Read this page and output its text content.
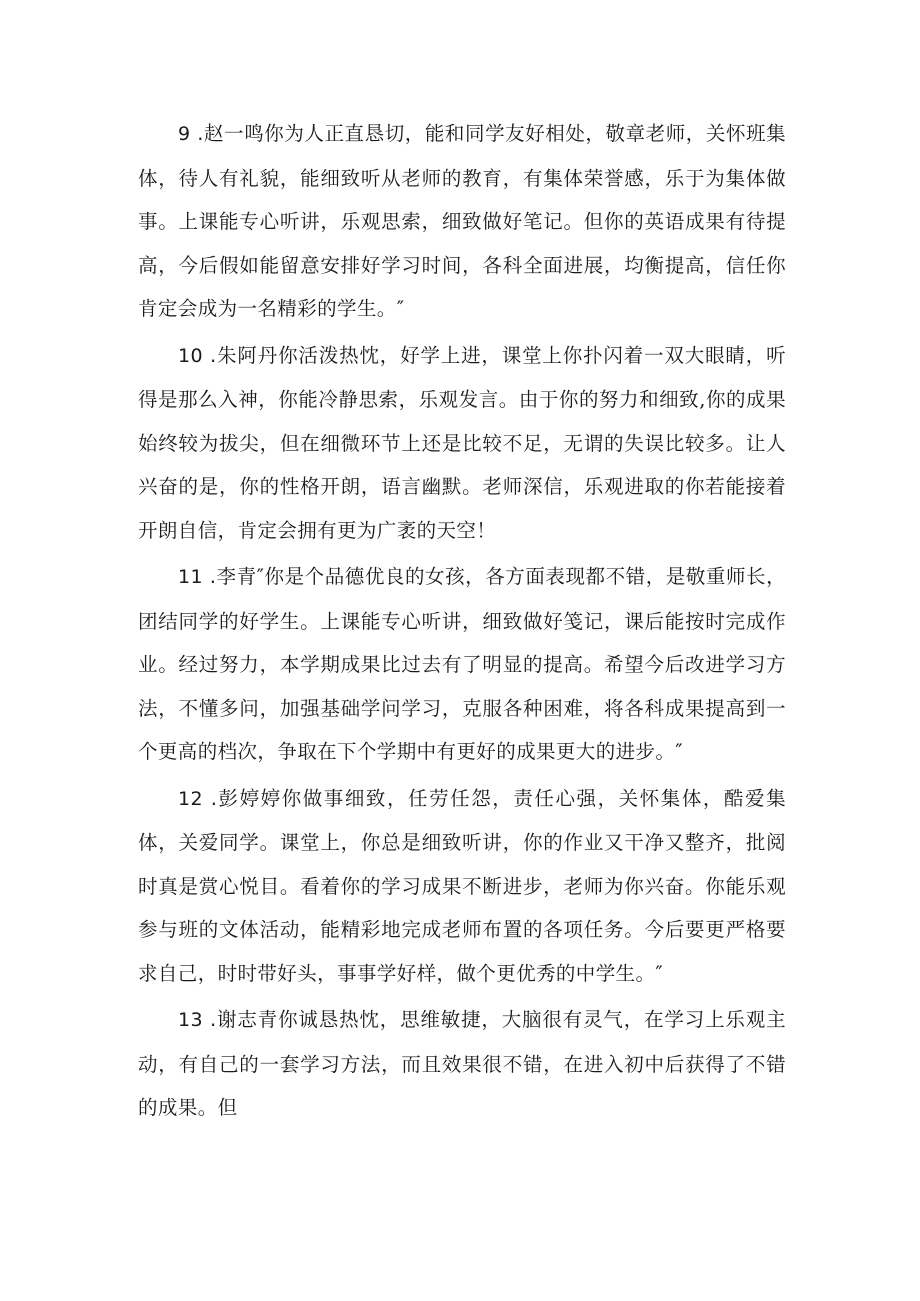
9 .赵一鸣你为人正直恳切，能和同学友好相处，敬章老师，关怀班集体，待人有礼貌，能细致听从老师的教育，有集体荣誉感，乐于为集体做事。上课能专心听讲，乐观思索，细致做好笔记。但你的英语成果有待提高，今后假如能留意安排好学习时间，各科全面进展，均衡提高，信任你肯定会成为一名精彩的学生。″

10 .朱阿丹你活泼热忱，好学上进，课堂上你扑闪着一双大眼睛，听得是那么入神，你能冷静思索，乐观发言。由于你的努力和细致,你的成果始终较为拔尖，但在细微环节上还是比较不足，无谓的失误比较多。让人兴奋的是，你的性格开朗，语言幽默。老师深信，乐观进取的你若能接着开朗自信，肯定会拥有更为广袤的天空！

11 .李青″你是个品德优良的女孩，各方面表现都不错，是敬重师长，团结同学的好学生。上课能专心听讲，细致做好笺记，课后能按时完成作业。经过努力，本学期成果比过去有了明显的提高。希望今后改进学习方法，不懂多问，加强基础学问学习，克服各种困难，将各科成果提高到一个更高的档次，争取在下个学期中有更好的成果更大的进步。″

12 .彭婷婷你做事细致，任劳任怨，责任心强，关怀集体，酷爱集体，关爱同学。课堂上，你总是细致听讲，你的作业又干净又整齐，批阅时真是赏心悦目。看着你的学习成果不断进步，老师为你兴奋。你能乐观参与班的文体活动，能精彩地完成老师布置的各项任务。今后要更严格要求自己，时时带好头，事事学好样，做个更优秀的中学生。″

13 .谢志青你诚恳热忱，思维敏捷，大脑很有灵气，在学习上乐观主动，有自己的一套学习方法，而且效果很不错，在进入初中后获得了不错的成果。但
